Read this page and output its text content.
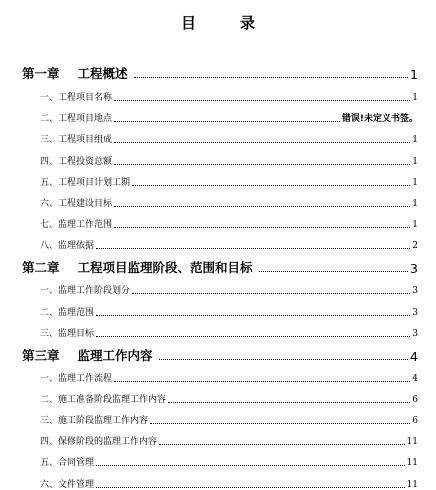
目录
第一章 工程概述	1
一、工程项目名称	1
二、工程项目地点	错误!未定义书签。
三、工程项目组成	1
四、工程投资总额	1
五、工程项目计划工期	1
六、工程建设目标	1
七、监理工作范围	1
八、监理依据	2
第二章 工程项目监理阶段、范围和目标	3
一、监理工作阶段划分	3
二、监理范围	3
三、监理目标	3
第三章 监理工作内容	4
一、监理工作流程	4
二、施工准备阶段监理工作内容	6
三、施工阶段监理工作内容	6
四、保修阶段的监理工作内容	11
五、合同管理	11
六、文件管理	11
